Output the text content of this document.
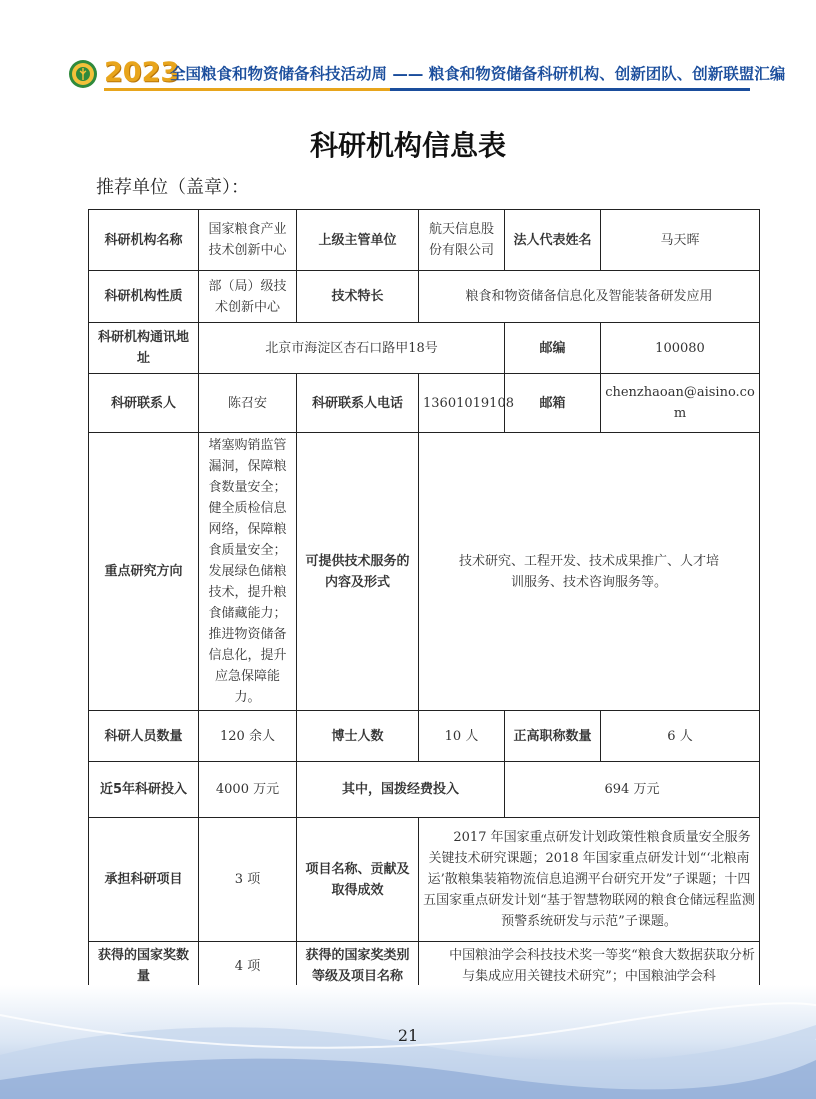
2023
全国粮食和物资储备科技活动周 —— 粮食和物资储备科研机构、创新团队、创新联盟汇编
科研机构信息表
推荐单位（盖章）：
科研机构名称	国家粮食产业技术创新中心	上级主管单位	航天信息股份有限公司	法人代表姓名	马天晖
科研机构性质	部（局）级技术创新中心	技术特长	粮食和物资储备信息化及智能装备研发应用		
科研机构通讯地址	北京市海淀区杏石口路甲18号			邮编	100080
科研联系人	陈召安	科研联系人电话	13601019108	邮箱	chenzhaoan@aisino.com
重点研究方向	堵塞购销监管漏洞，保障粮食数量安全；健全质检信息网络，保障粮食质量安全；发展绿色储粮技术，提升粮食储藏能力；推进物资储备信息化，提升应急保障能力。	可提供技术服务的内容及形式	技术研究、工程开发、技术成果推广、人才培训服务、技术咨询服务等。		
科研人员数量	120 余人	博士人数	10 人	正高职称数量	6 人
近5年科研投入	4000 万元	其中，国拨经费投入		694 万元	
承担科研项目	3 项	项目名称、贡献及取得成效	2017 年国家重点研发计划政策性粮食质量安全服务关键技术研究课题；2018 年国家重点研发计划“‘北粮南运’散粮集装箱物流信息追溯平台研究开发”子课题；十四五国家重点研发计划“基于智慧物联网的粮食仓储远程监测预警系统研发与示范”子课题。		
获得的国家奖数量	4 项	获得的国家奖类别等级及项目名称	中国粮油学会科技技术奖一等奖“粮食大数据获取分析与集成应用关键技术研究”；中国粮油学会科		
21
